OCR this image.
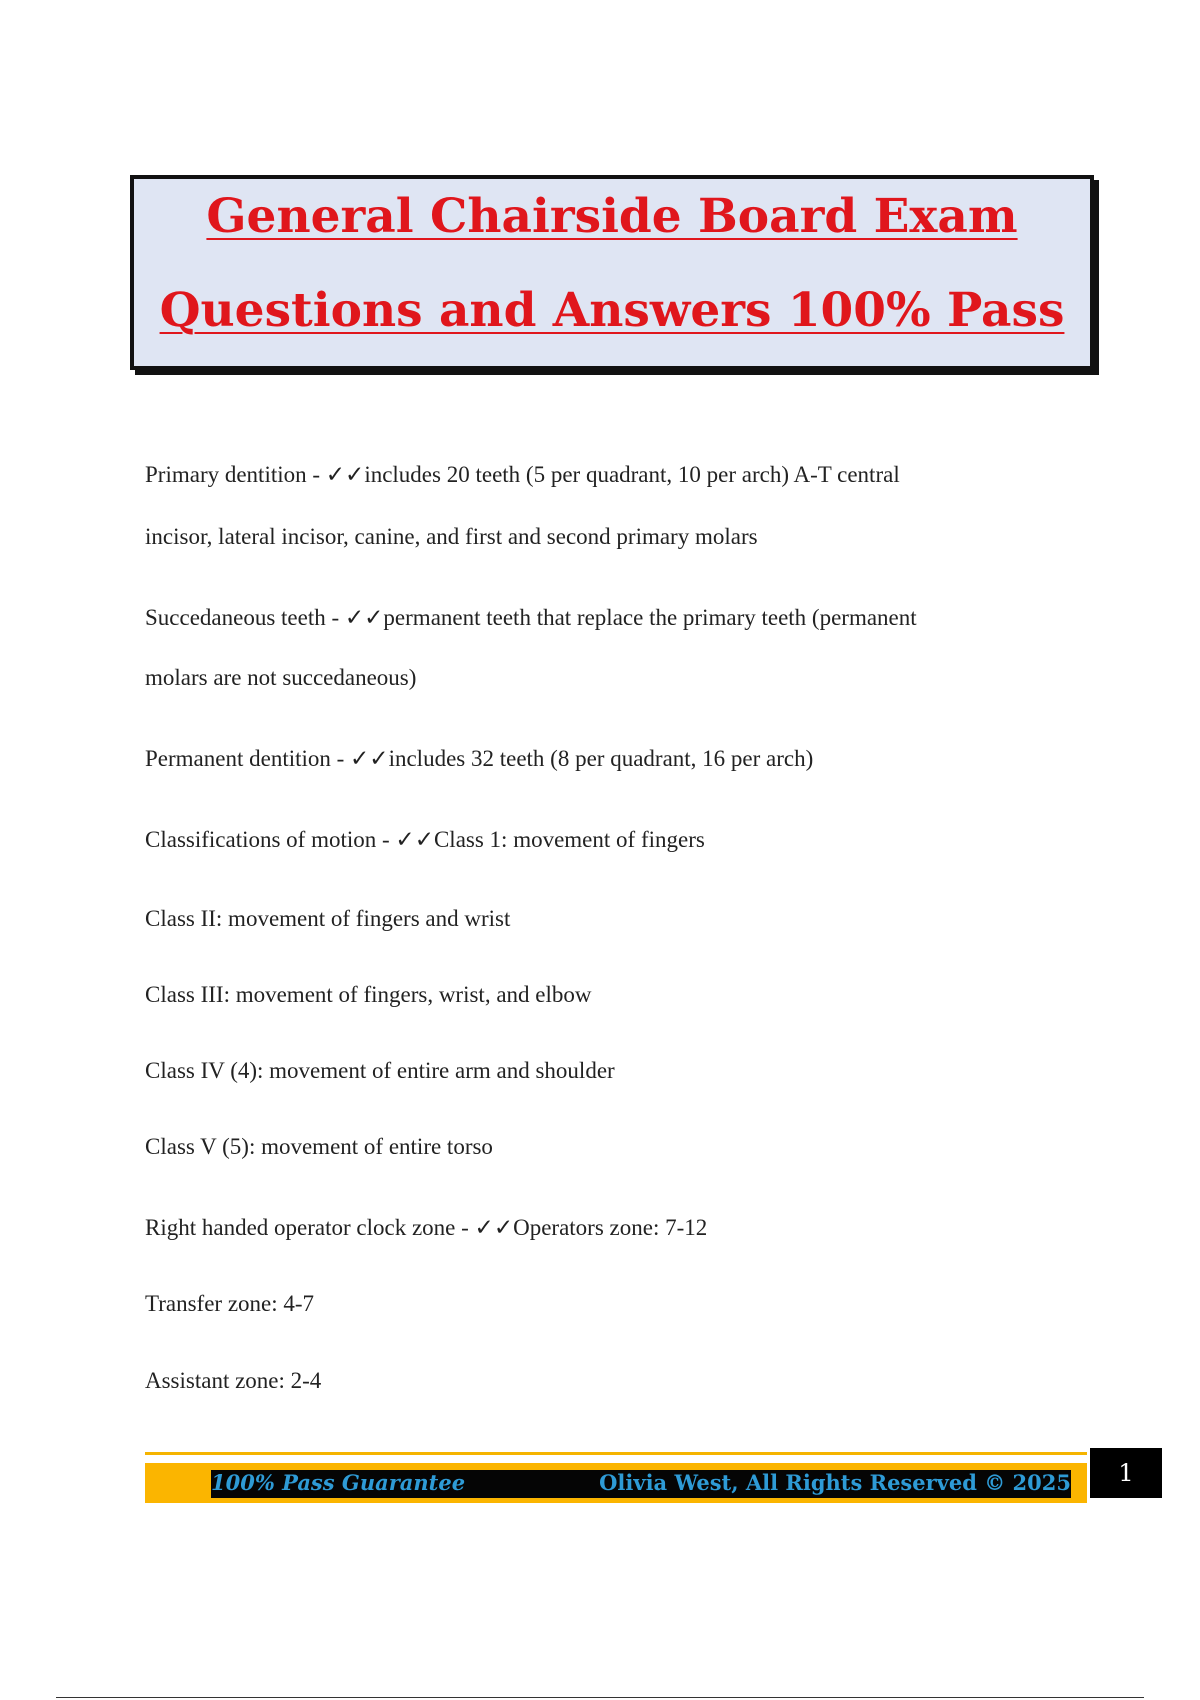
General Chairside Board Exam
Questions and Answers 100% Pass

Primary dentition - ✓✓includes 20 teeth (5 per quadrant, 10 per arch) A-T central

incisor, lateral incisor, canine, and first and second primary molars

Succedaneous teeth - ✓✓permanent teeth that replace the primary teeth (permanent

molars are not succedaneous)

Permanent dentition - ✓✓includes 32 teeth (8 per quadrant, 16 per arch)

Classifications of motion - ✓✓Class 1: movement of fingers

Class II: movement of fingers and wrist

Class III: movement of fingers, wrist, and elbow

Class IV (4): movement of entire arm and shoulder

Class V (5): movement of entire torso

Right handed operator clock zone - ✓✓Operators zone: 7-12

Transfer zone: 4-7

Assistant zone: 2-4

100% Pass Guarantee	Olivia West, All Rights Reserved © 2025	1
